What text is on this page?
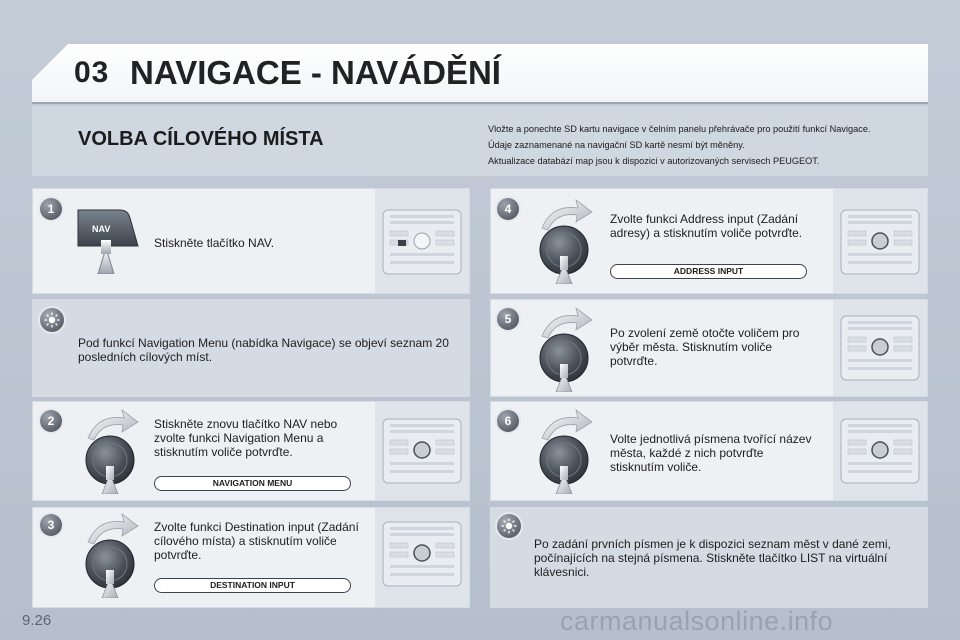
03 NAVIGACE - NAVÁDĚNÍ
VOLBA CÍLOVÉHO MÍSTA	Vložte a ponechte SD kartu navigace v čelním panelu přehrávače pro použití funkcí Navigace.
Údaje zaznamenané na navigační SD kartě nesmí být měněny.
Aktualizace databází map jsou k dispozici v autorizovaných servisech PEUGEOT.
1
NAV
Stiskněte tlačítko NAV.
Pod funkcí Navigation Menu (nabídka Navigace) se objeví seznam 20 posledních cílových míst.
2	Stiskněte znovu tlačítko NAV nebo zvolte funkci Navigation Menu a stisknutím voliče potvrďte.
NAVIGATION MENU
3	Zvolte funkci Destination input (Zadání cílového místa) a stisknutím voliče potvrďte.
DESTINATION INPUT
4
Zvolte funkci Address input (Zadání adresy) a stisknutím voliče potvrďte.
ADDRESS INPUT
5
Po zvolení země otočte voličem pro výběr města. Stisknutím voliče potvrďte.
6
Volte jednotlivá písmena tvořící název města, každé z nich potvrďte stisknutím voliče.
Po zadání prvních písmen je k dispozici seznam měst v dané zemi, počínajících na stejná písmena. Stiskněte tlačítko LIST na virtuální klávesnici.
9.26	carmanualsonline.info
